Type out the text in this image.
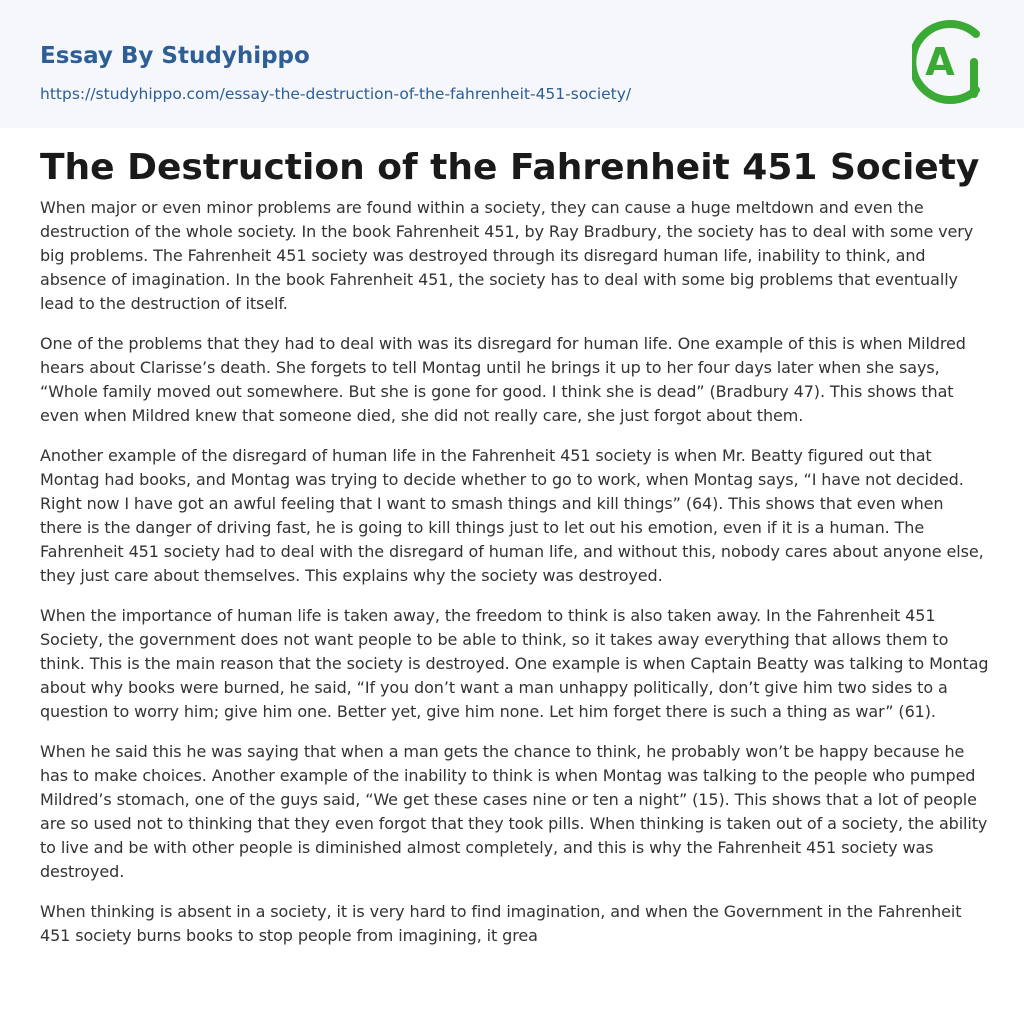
Essay By Studyhippo
https://studyhippo.com/essay-the-destruction-of-the-fahrenheit-451-society/
A
The Destruction of the Fahrenheit 451 Society

When major or even minor problems are found within a society, they can cause a huge meltdown and even the destruction of the whole society. In the book Fahrenheit 451, by Ray Bradbury, the society has to deal with some very big problems. The Fahrenheit 451 society was destroyed through its disregard human life, inability to think, and absence of imagination. In the book Fahrenheit 451, the society has to deal with some big problems that eventually lead to the destruction of itself.

One of the problems that they had to deal with was its disregard for human life. One example of this is when Mildred hears about Clarisse’s death. She forgets to tell Montag until he brings it up to her four days later when she says, “Whole family moved out somewhere. But she is gone for good. I think she is dead” (Bradbury 47). This shows that even when Mildred knew that someone died, she did not really care, she just forgot about them.

Another example of the disregard of human life in the Fahrenheit 451 society is when Mr. Beatty figured out that Montag had books, and Montag was trying to decide whether to go to work, when Montag says, “I have not decided. Right now I have got an awful feeling that I want to smash things and kill things” (64). This shows that even when there is the danger of driving fast, he is going to kill things just to let out his emotion, even if it is a human. The Fahrenheit 451 society had to deal with the disregard of human life, and without this, nobody cares about anyone else, they just care about themselves. This explains why the society was destroyed.

When the importance of human life is taken away, the freedom to think is also taken away. In the Fahrenheit 451 Society, the government does not want people to be able to think, so it takes away everything that allows them to think. This is the main reason that the society is destroyed. One example is when Captain Beatty was talking to Montag about why books were burned, he said, “If you don’t want a man unhappy politically, don’t give him two sides to a question to worry him; give him one. Better yet, give him none. Let him forget there is such a thing as war” (61).

When he said this he was saying that when a man gets the chance to think, he probably won’t be happy because he has to make choices. Another example of the inability to think is when Montag was talking to the people who pumped Mildred’s stomach, one of the guys said, “We get these cases nine or ten a night” (15). This shows that a lot of people are so used not to thinking that they even forgot that they took pills. When thinking is taken out of a society, the ability to live and be with other people is diminished almost completely, and this is why the Fahrenheit 451 society was destroyed.

When thinking is absent in a society, it is very hard to find imagination, and when the Government in the Fahrenheit 451 society burns books to stop people from imagining, it grea
